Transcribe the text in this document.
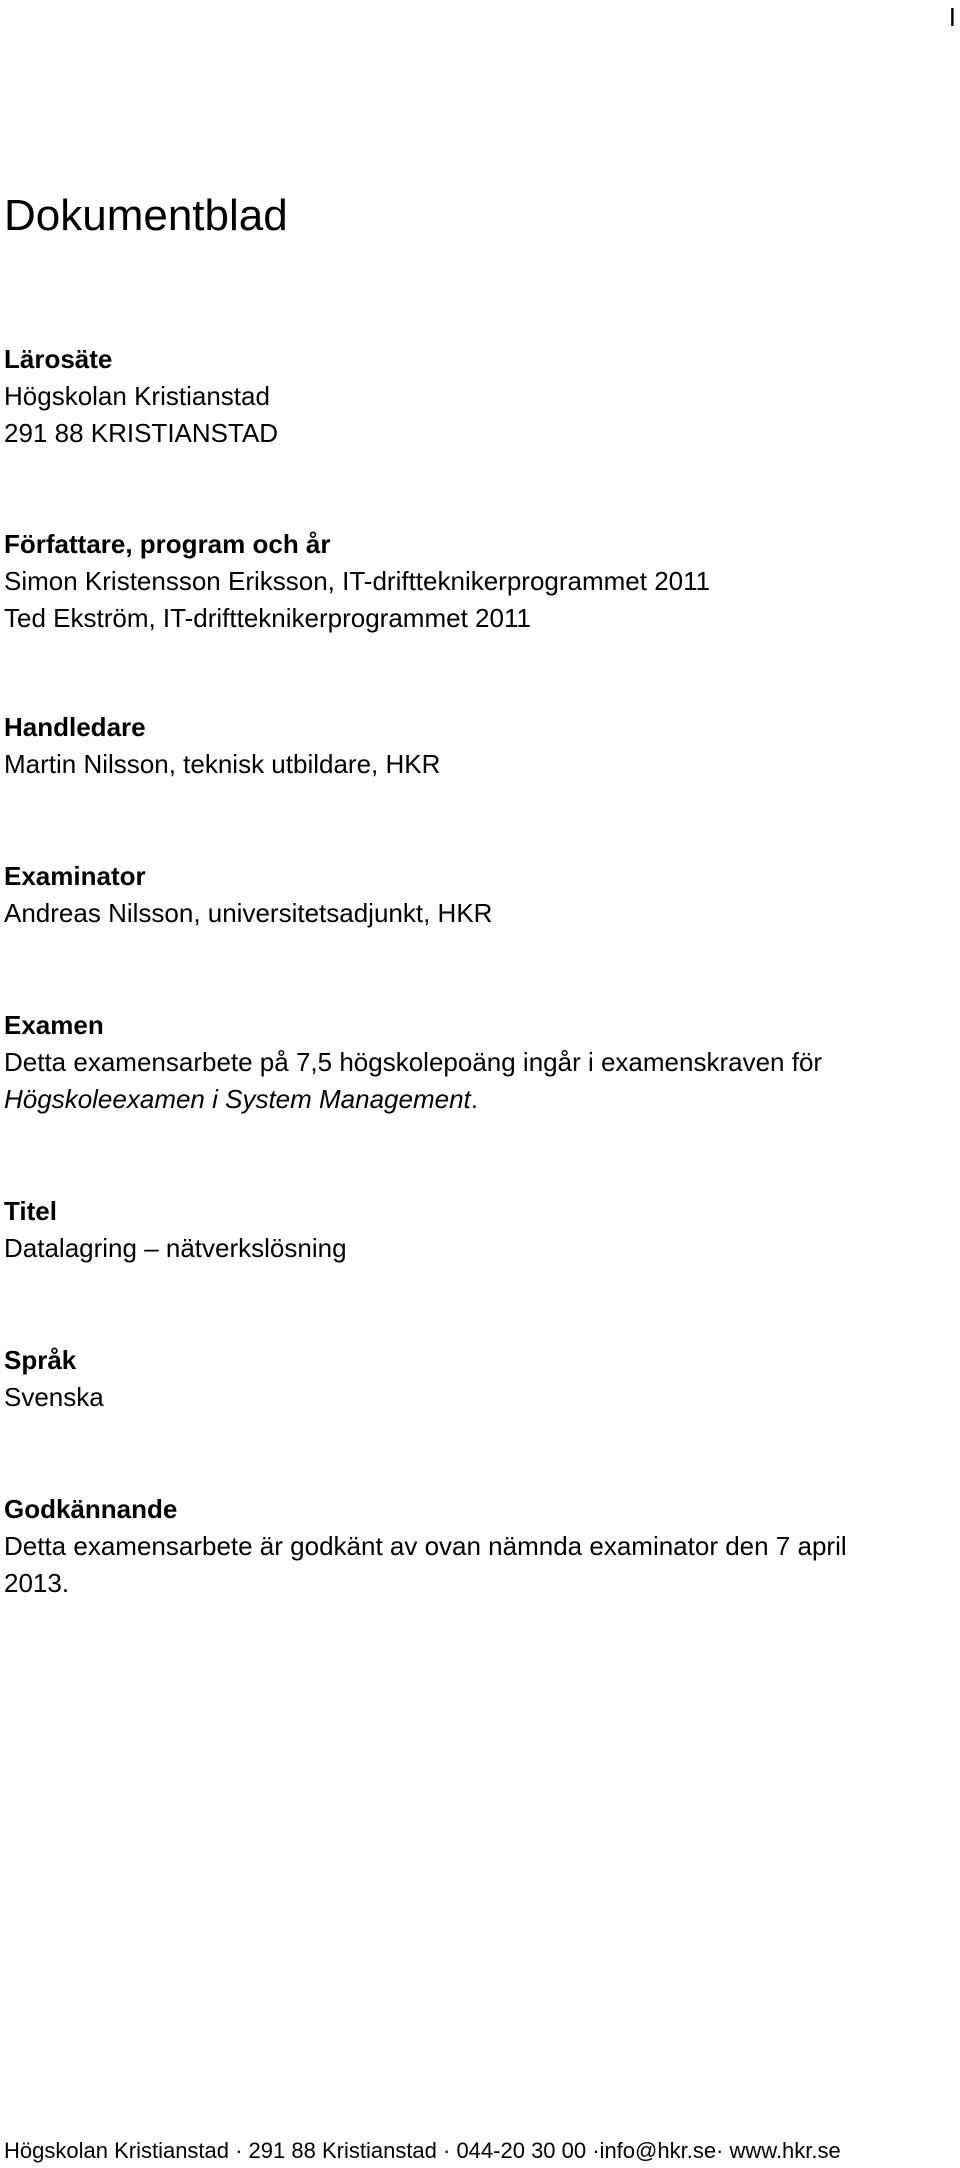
I
Dokumentblad

Lärosäte

Högskolan Kristianstad

291 88 KRISTIANSTAD

Författare, program och år

Simon Kristensson Eriksson, IT-driftteknikerprogrammet 2011

Ted Ekström, IT-driftteknikerprogrammet 2011

Handledare

Martin Nilsson, teknisk utbildare, HKR

Examinator

Andreas Nilsson, universitetsadjunkt, HKR

Examen

Detta examensarbete på 7,5 högskolepoäng ingår i examenskraven för

Högskoleexamen i System Management.

Titel

Datalagring – nätverkslösning

Språk

Svenska

Godkännande

Detta examensarbete är godkänt av ovan nämnda examinator den 7 april

2013.

Högskolan Kristianstad · 291 88 Kristianstad · 044-20 30 00 ·info@hkr.se· www.hkr.se
